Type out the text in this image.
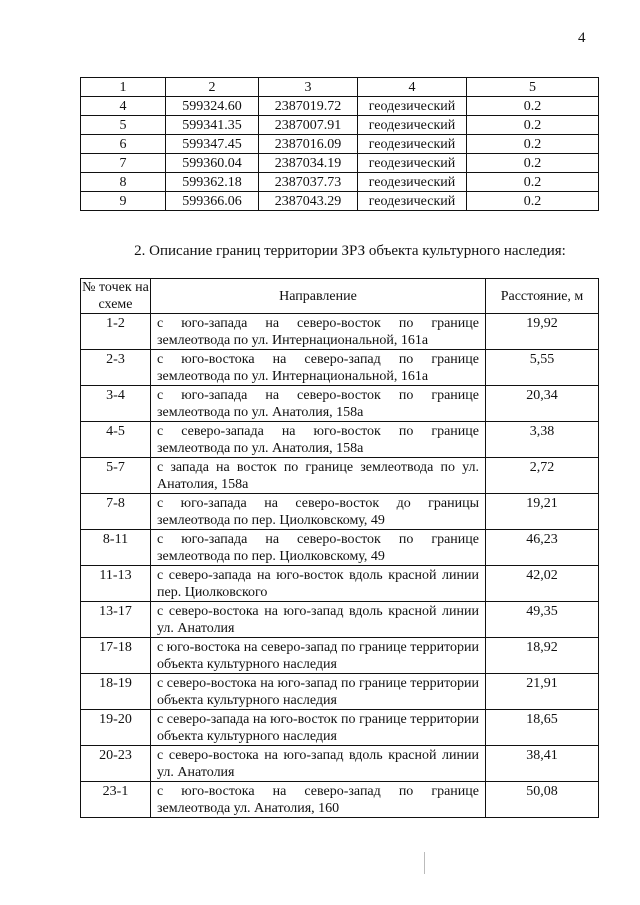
4
1	2	3	4	5
4	599324.60	2387019.72	геодезический	0.2
5	599341.35	2387007.91	геодезический	0.2
6	599347.45	2387016.09	геодезический	0.2
7	599360.04	2387034.19	геодезический	0.2
8	599362.18	2387037.73	геодезический	0.2
9	599366.06	2387043.29	геодезический	0.2
2. Описание границ территории ЗРЗ объекта культурного наследия:
№ точек на схеме	Направление	Расстояние, м
1-2	с юго-запада на северо-восток по границе землеотвода по ул. Интернациональной, 161а	19,92
2-3	с юго-востока на северо-запад по границе землеотвода по ул. Интернациональной, 161а	5,55
3-4	с юго-запада на северо-восток по границе землеотвода по ул. Анатолия, 158а	20,34
4-5	с северо-запада на юго-восток по границе землеотвода по ул. Анатолия, 158а	3,38
5-7	с запада на восток по границе землеотвода по ул. Анатолия, 158а	2,72
7-8	с юго-запада на северо-восток до границы землеотвода по пер. Циолковскому, 49	19,21
8-11	с юго-запада на северо-восток по границе землеотвода по пер. Циолковскому, 49	46,23
11-13	с северо-запада на юго-восток вдоль красной линии пер. Циолковского	42,02
13-17	с северо-востока на юго-запад вдоль красной линии ул. Анатолия	49,35
17-18	с юго-востока на северо-запад по границе территории объекта культурного наследия	18,92
18-19	с северо-востока на юго-запад по границе территории объекта культурного наследия	21,91
19-20	с северо-запада на юго-восток по границе территории объекта культурного наследия	18,65
20-23	с северо-востока на юго-запад вдоль красной линии ул. Анатолия	38,41
23-1	с юго-востока на северо-запад по границе землеотвода ул. Анатолия, 160	50,08
